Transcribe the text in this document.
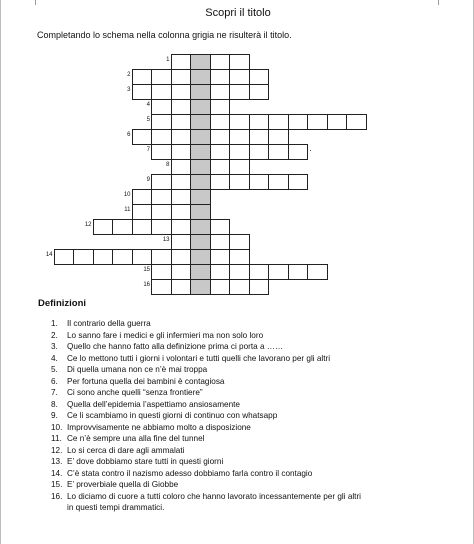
Scopri il titolo
Completando lo schema nella colonna grigia ne risulterà il titolo.
1
2
3
4
5
6
7
8
9
10
11
12
13
14
15
16
Definizioni
1. Il contrario della guerra
2. Lo sanno fare i medici e gli infermieri ma non solo loro
3. Quello che hanno fatto alla definizione prima ci porta a ……
4. Ce lo mettono tutti i giorni i volontari e tutti quelli che lavorano per gli altri
5. Di quella umana non ce n’è mai troppa
6. Per fortuna quella dei bambini è contagiosa
7. Ci sono anche quelli “senza frontiere”
8. Quella dell’epidemia l’aspettiamo ansiosamente
9. Ce li scambiamo in questi giorni di continuo con whatsapp
10. Improvvisamente ne abbiamo molto a disposizione
11. Ce n’è sempre una alla fine del tunnel
12. Lo si cerca di dare agli ammalati
13. E’ dove dobbiamo stare tutti in questi giorni
14. C’è stata contro il nazismo adesso dobbiamo farla contro il contagio
15. E’ proverbiale quella di Giobbe
16. Lo diciamo di cuore a tutti coloro che hanno lavorato incessantemente per gli altri
in questi tempi drammatici.
